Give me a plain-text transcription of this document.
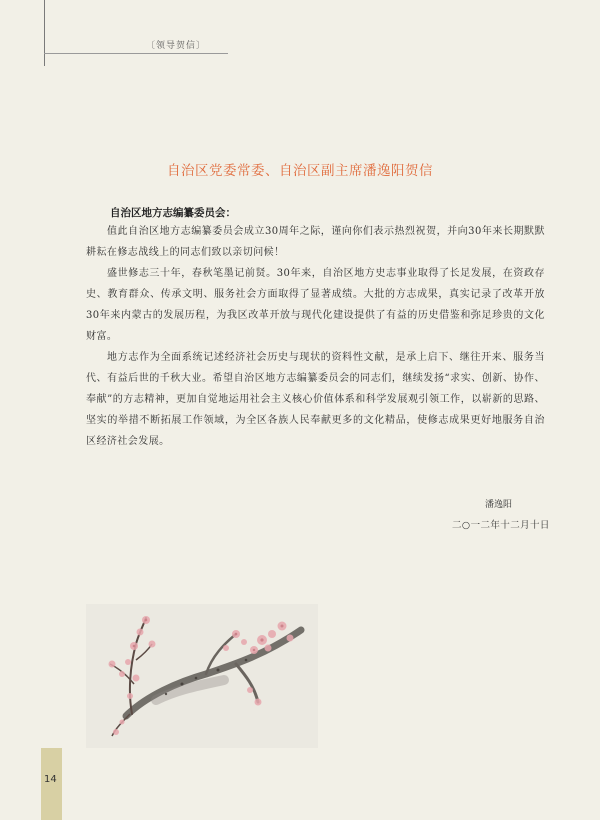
〔领导贺信〕
自治区党委常委、自治区副主席潘逸阳贺信
自治区地方志编纂委员会：

值此自治区地方志编纂委员会成立30周年之际，谨向你们表示热烈祝贺，并向30年来长期默默耕耘在修志战线上的同志们致以亲切问候！

盛世修志三十年，春秋笔墨记前贤。30年来，自治区地方史志事业取得了长足发展，在资政存史、教育群众、传承文明、服务社会方面取得了显著成绩。大批的方志成果，真实记录了改革开放30年来内蒙古的发展历程，为我区改革开放与现代化建设提供了有益的历史借鉴和弥足珍贵的文化财富。

地方志作为全面系统记述经济社会历史与现状的资料性文献，是承上启下、继往开来、服务当代、有益后世的千秋大业。希望自治区地方志编纂委员会的同志们，继续发扬“求实、创新、协作、奉献”的方志精神，更加自觉地运用社会主义核心价值体系和科学发展观引领工作，以崭新的思路、坚实的举措不断拓展工作领域，为全区各族人民奉献更多的文化精品，使修志成果更好地服务自治区经济社会发展。

潘逸阳
二○一二年十二月十日
14
